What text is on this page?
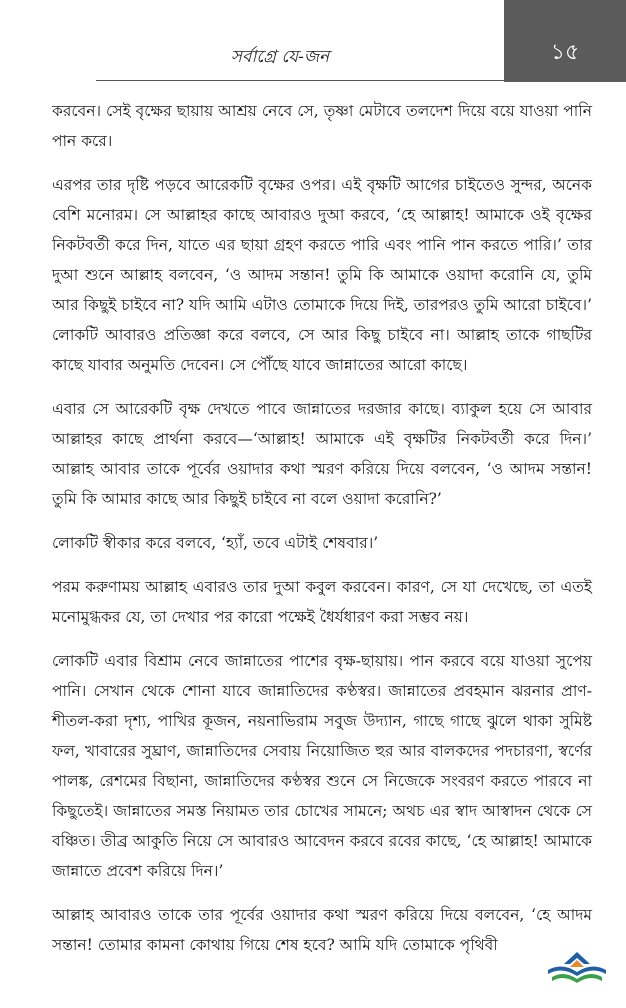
সর্বাগ্রে যে-জন	১৫

করবেন। সেই বৃক্ষের ছায়ায় আশ্রয় নেবে সে, তৃষ্ণা মেটাবে তলদেশ দিয়ে বয়ে যাওয়া পানি পান করে।

এরপর তার দৃষ্টি পড়বে আরেকটি বৃক্ষের ওপর। এই বৃক্ষটি আগের চাইতেও সুন্দর, অনেক বেশি মনোরম। সে আল্লাহর কাছে আবারও দুআ করবে, ‘হে আল্লাহ! আমাকে ওই বৃক্ষের নিকটবর্তী করে দিন, যাতে এর ছায়া গ্রহণ করতে পারি এবং পানি পান করতে পারি।’ তার দুআ শুনে আল্লাহ বলবেন, ‘ও আদম সন্তান! তুমি কি আমাকে ওয়াদা করোনি যে, তুমি আর কিছুই চাইবে না? যদি আমি এটাও তোমাকে দিয়ে দিই, তারপরও তুমি আরো চাইবে।’ লোকটি আবারও প্রতিজ্ঞা করে বলবে, সে আর কিছু চাইবে না। আল্লাহ তাকে গাছটির কাছে যাবার অনুমতি দেবেন। সে পৌঁছে যাবে জান্নাতের আরো কাছে।

এবার সে আরেকটি বৃক্ষ দেখতে পাবে জান্নাতের দরজার কাছে। ব্যাকুল হয়ে সে আবার আল্লাহর কাছে প্রার্থনা করবে—‘আল্লাহ! আমাকে এই বৃক্ষটির নিকটবর্তী করে দিন।’ আল্লাহ আবার তাকে পূর্বের ওয়াদার কথা স্মরণ করিয়ে দিয়ে বলবেন, ‘ও আদম সন্তান! তুমি কি আমার কাছে আর কিছুই চাইবে না বলে ওয়াদা করোনি?’

লোকটি স্বীকার করে বলবে, ‘হ্যাঁ, তবে এটাই শেষবার।’

পরম করুণাময় আল্লাহ এবারও তার দুআ কবুল করবেন। কারণ, সে যা দেখেছে, তা এতই মনোমুগ্ধকর যে, তা দেখার পর কারো পক্ষেই ধৈর্যধারণ করা সম্ভব নয়।

লোকটি এবার বিশ্রাম নেবে জান্নাতের পাশের বৃক্ষ-ছায়ায়। পান করবে বয়ে যাওয়া সুপেয় পানি। সেখান থেকে শোনা যাবে জান্নাতিদের কণ্ঠস্বর। জান্নাতের প্রবহমান ঝরনার প্রাণ-শীতল-করা দৃশ্য, পাখির কূজন, নয়নাভিরাম সবুজ উদ্যান, গাছে গাছে ঝুলে থাকা সুমিষ্ট ফল, খাবারের সুঘ্রাণ, জান্নাতিদের সেবায় নিয়োজিত হুর আর বালকদের পদচারণা, স্বর্ণের পালঙ্ক, রেশমের বিছানা, জান্নাতিদের কণ্ঠস্বর শুনে সে নিজেকে সংবরণ করতে পারবে না কিছুতেই। জান্নাতের সমস্ত নিয়ামত তার চোখের সামনে; অথচ এর স্বাদ আস্বাদন থেকে সে বঞ্চিত। তীব্র আকুতি নিয়ে সে আবারও আবেদন করবে রবের কাছে, ‘হে আল্লাহ! আমাকে জান্নাতে প্রবেশ করিয়ে দিন।’

আল্লাহ আবারও তাকে তার পূর্বের ওয়াদার কথা স্মরণ করিয়ে দিয়ে বলবেন, ‘হে আদম সন্তান! তোমার কামনা কোথায় গিয়ে শেষ হবে? আমি যদি তোমাকে পৃথিবী
